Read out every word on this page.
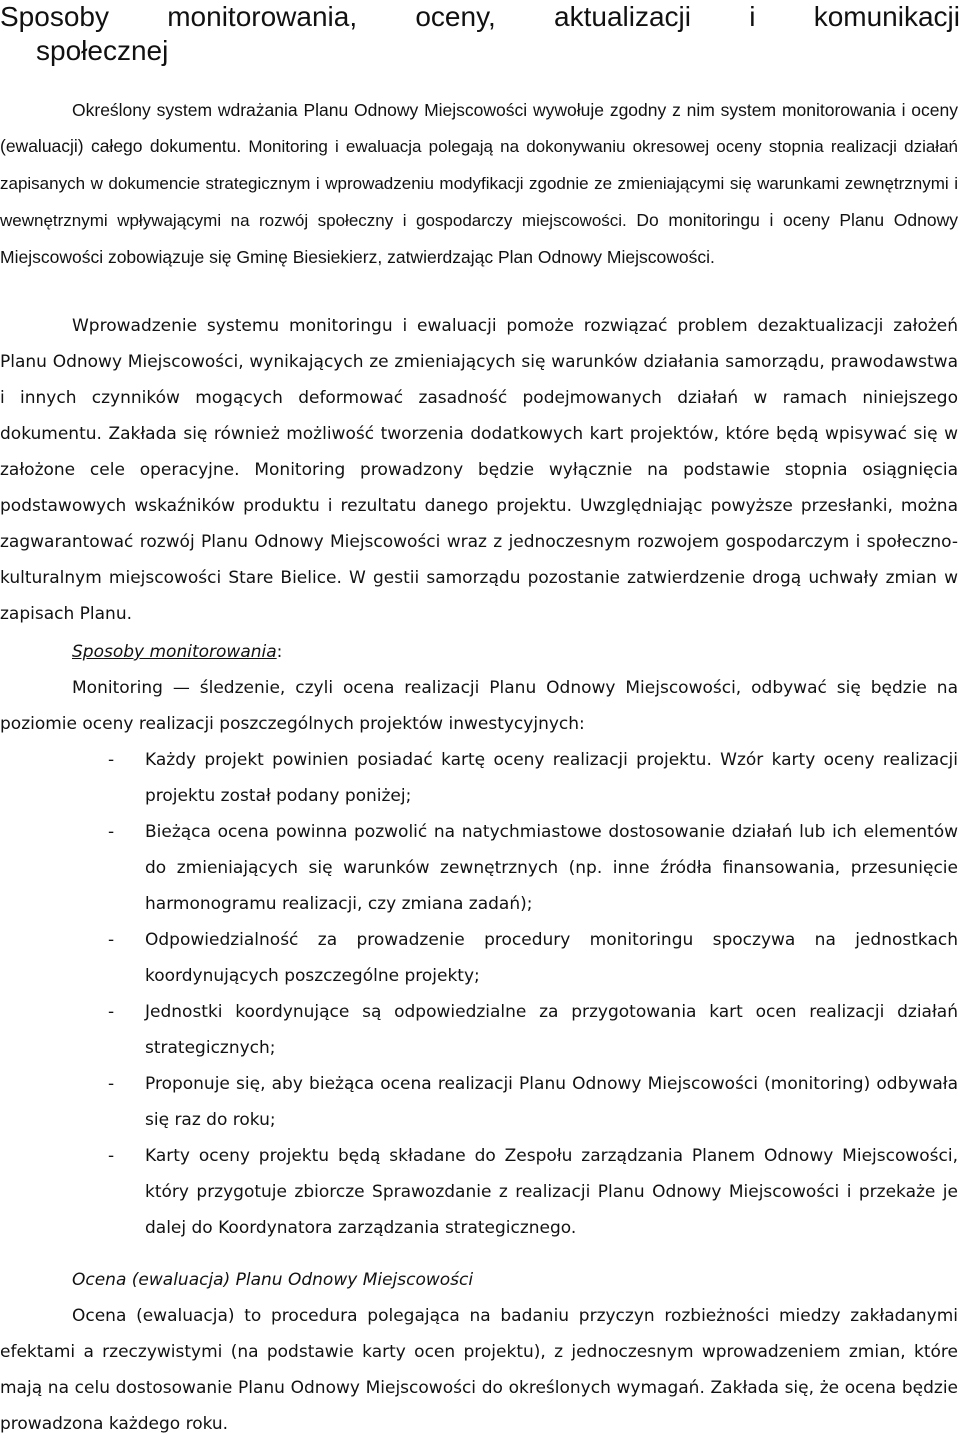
Sposoby monitorowania, oceny, aktualizacji i komunikacji
społecznej

Określony system wdrażania Planu Odnowy Miejscowości wywołuje zgodny z nim system monitorowania i oceny (ewaluacji) całego dokumentu. Monitoring i ewaluacja polegają na dokonywaniu okresowej oceny stopnia realizacji działań zapisanych w dokumencie strategicznym i wprowadzeniu modyfikacji zgodnie ze zmieniającymi się warunkami zewnętrznymi i wewnętrznymi wpływającymi na rozwój społeczny i gospodarczy miejscowości. Do monitoringu i oceny Planu Odnowy Miejscowości zobowiązuje się Gminę Biesiekierz, zatwierdzając Plan Odnowy Miejscowości.

Wprowadzenie systemu monitoringu i ewaluacji pomoże rozwiązać problem dezaktualizacji założeń Planu Odnowy Miejscowości, wynikających ze zmieniających się warunków działania samorządu, prawodawstwa i innych czynników mogących deformować zasadność podejmowanych działań w ramach niniejszego dokumentu. Zakłada się również możliwość tworzenia dodatkowych kart projektów, które będą wpisywać się w założone cele operacyjne. Monitoring prowadzony będzie wyłącznie na podstawie stopnia osiągnięcia podstawowych wskaźników produktu i rezultatu danego projektu. Uwzględniając powyższe przesłanki, można zagwarantować rozwój Planu Odnowy Miejscowości wraz z jednoczesnym rozwojem gospodarczym i społeczno-kulturalnym miejscowości Stare Bielice. W gestii samorządu pozostanie zatwierdzenie drogą uchwały zmian w zapisach Planu.

Sposoby monitorowania:

Monitoring — śledzenie, czyli ocena realizacji Planu Odnowy Miejscowości, odbywać się będzie na poziomie oceny realizacji poszczególnych projektów inwestycyjnych:

- Każdy projekt powinien posiadać kartę oceny realizacji projektu. Wzór karty oceny realizacji projektu został podany poniżej;
- Bieżąca ocena powinna pozwolić na natychmiastowe dostosowanie działań lub ich elementów do zmieniających się warunków zewnętrznych (np. inne źródła finansowania, przesunięcie harmonogramu realizacji, czy zmiana zadań);
- Odpowiedzialność za prowadzenie procedury monitoringu spoczywa na jednostkach koordynujących poszczególne projekty;
- Jednostki koordynujące są odpowiedzialne za przygotowania kart ocen realizacji działań strategicznych;
- Proponuje się, aby bieżąca ocena realizacji Planu Odnowy Miejscowości (monitoring) odbywała się raz do roku;
- Karty oceny projektu będą składane do Zespołu zarządzania Planem Odnowy Miejscowości, który przygotuje zbiorcze Sprawozdanie z realizacji Planu Odnowy Miejscowości i przekaże je dalej do Koordynatora zarządzania strategicznego.
Ocena (ewaluacja) Planu Odnowy Miejscowości

Ocena (ewaluacja) to procedura polegająca na badaniu przyczyn rozbieżności miedzy zakładanymi efektami a rzeczywistymi (na podstawie karty ocen projektu), z jednoczesnym wprowadzeniem zmian, które mają na celu dostosowanie Planu Odnowy Miejscowości do określonych wymagań. Zakłada się, że ocena będzie prowadzona każdego roku.
